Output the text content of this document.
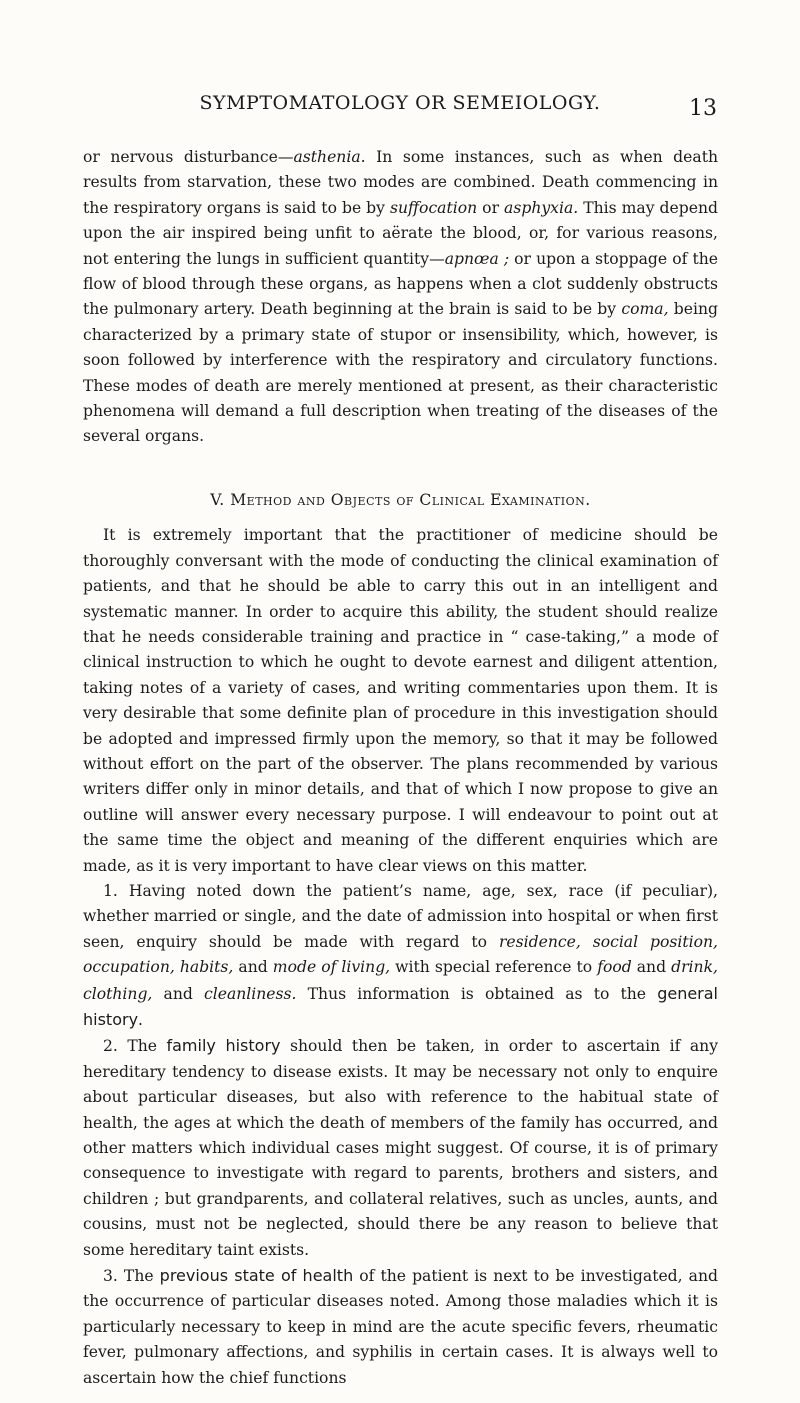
SYMPTOMATOLOGY OR SEMEIOLOGY.	13

or nervous disturbance—asthenia. In some instances, such as when death results from starvation, these two modes are combined. Death commencing in the respiratory organs is said to be by suffocation or asphyxia. This may depend upon the air inspired being unfit to aërate the blood, or, for various reasons, not entering the lungs in sufficient quantity—apnœa ; or upon a stoppage of the flow of blood through these organs, as happens when a clot suddenly obstructs the pulmonary artery. Death beginning at the brain is said to be by coma, being characterized by a primary state of stupor or insensibility, which, however, is soon followed by interference with the respiratory and circulatory functions. These modes of death are merely mentioned at present, as their characteristic phenomena will demand a full description when treating of the diseases of the several organs.

V. Method and Objects of Clinical Examination.

It is extremely important that the practitioner of medicine should be thoroughly conversant with the mode of conducting the clinical examination of patients, and that he should be able to carry this out in an intelligent and systematic manner. In order to acquire this ability, the student should realize that he needs considerable training and practice in “ case-taking,” a mode of clinical instruction to which he ought to devote earnest and diligent attention, taking notes of a variety of cases, and writing commentaries upon them. It is very desirable that some definite plan of procedure in this investigation should be adopted and impressed firmly upon the memory, so that it may be followed without effort on the part of the observer. The plans recommended by various writers differ only in minor details, and that of which I now propose to give an outline will answer every necessary purpose. I will endeavour to point out at the same time the object and meaning of the different enquiries which are made, as it is very important to have clear views on this matter.

1. Having noted down the patient’s name, age, sex, race (if peculiar), whether married or single, and the date of admission into hospital or when first seen, enquiry should be made with regard to residence, social position, occupation, habits, and mode of living, with special reference to food and drink, clothing, and cleanliness. Thus information is obtained as to the general history.

2. The family history should then be taken, in order to ascertain if any hereditary tendency to disease exists. It may be necessary not only to enquire about particular diseases, but also with reference to the habitual state of health, the ages at which the death of members of the family has occurred, and other matters which individual cases might suggest. Of course, it is of primary consequence to investigate with regard to parents, brothers and sisters, and children ; but grandparents, and collateral relatives, such as uncles, aunts, and cousins, must not be neglected, should there be any reason to believe that some hereditary taint exists.

3. The previous state of health of the patient is next to be investigated, and the occurrence of particular diseases noted. Among those maladies which it is particularly necessary to keep in mind are the acute specific fevers, rheumatic fever, pulmonary affections, and syphilis in certain cases. It is always well to ascertain how the chief functions
